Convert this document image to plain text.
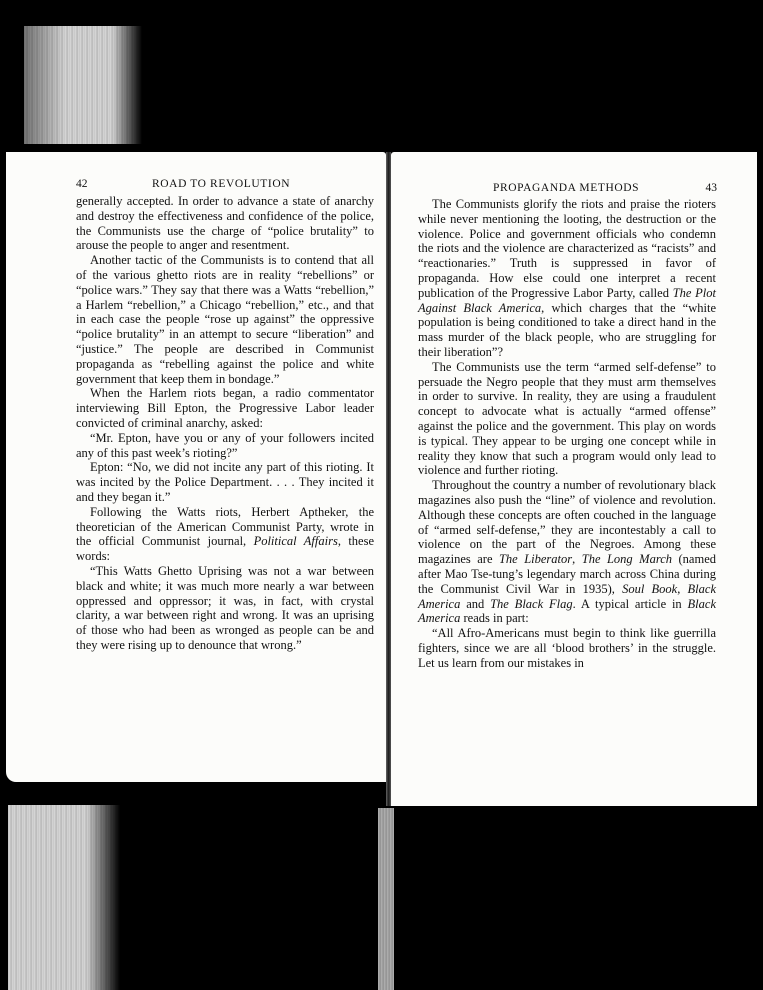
42	ROAD TO REVOLUTION

generally accepted. In order to advance a state of anarchy and destroy the effectiveness and confidence of the police, the Communists use the charge of “police brutality” to arouse the people to anger and resentment.

Another tactic of the Communists is to contend that all of the various ghetto riots are in reality “rebellions” or “police wars.” They say that there was a Watts “rebellion,” a Harlem “rebellion,” a Chicago “rebellion,” etc., and that in each case the people “rose up against” the oppressive “police brutality” in an attempt to secure “liberation” and “justice.” The people are described in Communist propaganda as “rebelling against the police and white government that keep them in bondage.”

When the Harlem riots began, a radio commentator interviewing Bill Epton, the Progressive Labor leader convicted of criminal anarchy, asked:

“Mr. Epton, have you or any of your followers incited any of this past week’s rioting?”

Epton: “No, we did not incite any part of this rioting. It was incited by the Police Department. . . . They incited it and they began it.”

Following the Watts riots, Herbert Aptheker, the theoretician of the American Communist Party, wrote in the official Communist journal, Political Affairs, these words:

“This Watts Ghetto Uprising was not a war between black and white; it was much more nearly a war between oppressed and oppressor; it was, in fact, with crystal clarity, a war between right and wrong. It was an uprising of those who had been as wronged as people can be and they were rising up to denounce that wrong.”

PROPAGANDA METHODS	43

The Communists glorify the riots and praise the rioters while never mentioning the looting, the destruction or the violence. Police and government officials who condemn the riots and the violence are characterized as “racists” and “reactionaries.” Truth is suppressed in favor of propaganda. How else could one interpret a recent publication of the Progressive Labor Party, called The Plot Against Black America, which charges that the “white population is being conditioned to take a direct hand in the mass murder of the black people, who are struggling for their liberation”?

The Communists use the term “armed self-defense” to persuade the Negro people that they must arm themselves in order to survive. In reality, they are using a fraudulent concept to advocate what is actually “armed offense” against the police and the government. This play on words is typical. They appear to be urging one concept while in reality they know that such a program would only lead to violence and further rioting.

Throughout the country a number of revolutionary black magazines also push the “line” of violence and revolution. Although these concepts are often couched in the language of “armed self-defense,” they are incontestably a call to violence on the part of the Negroes. Among these magazines are The Liberator, The Long March (named after Mao Tse-tung’s legendary march across China during the Communist Civil War in 1935), Soul Book, Black America and The Black Flag. A typical article in Black America reads in part:

“All Afro-Americans must begin to think like guerrilla fighters, since we are all ‘blood brothers’ in the struggle. Let us learn from our mistakes in
